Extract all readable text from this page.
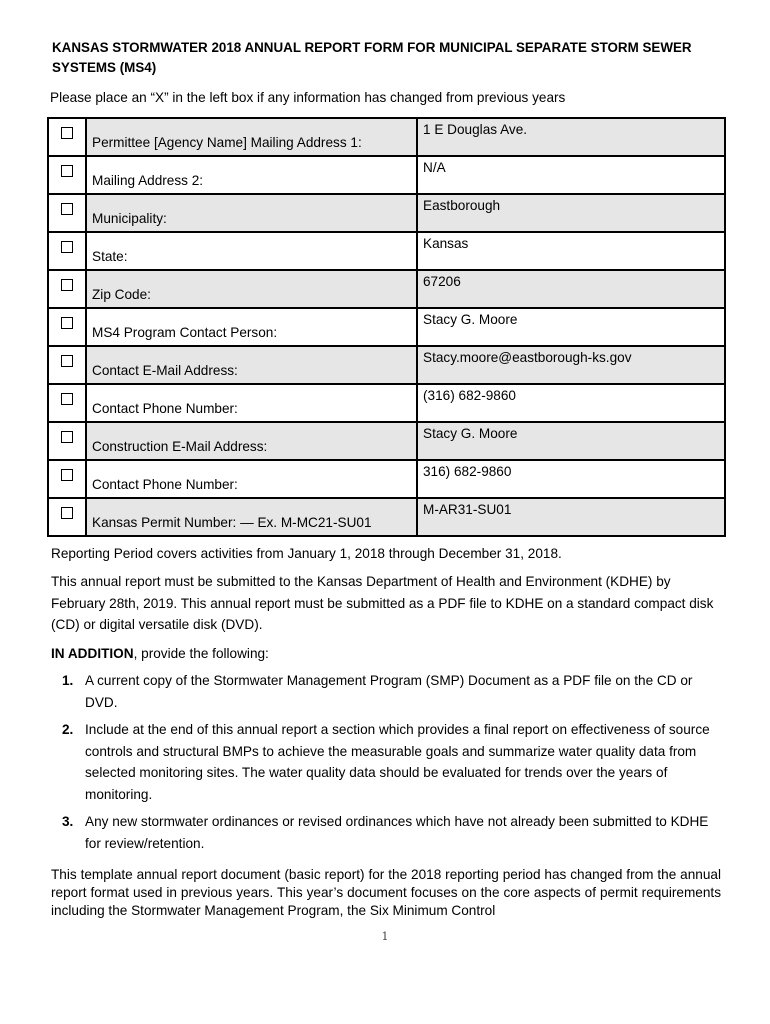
KANSAS STORMWATER 2018 ANNUAL REPORT FORM FOR MUNICIPAL SEPARATE STORM SEWER SYSTEMS (MS4)
Please place an “X” in the left box if any information has changed from previous years
	Permittee [Agency Name] Mailing Address 1:	1 E Douglas Ave.
	Mailing Address 2:	N/A
	Municipality:	Eastborough
	State:	Kansas
	Zip Code:	67206
	MS4 Program Contact Person:	Stacy G. Moore
	Contact E-Mail Address:	Stacy.moore@eastborough-ks.gov
	Contact Phone Number:	(316) 682-9860
	Construction E-Mail Address:	Stacy G. Moore
	Contact Phone Number:	316) 682-9860
	Kansas Permit Number: — Ex. M-MC21-SU01	M-AR31-SU01
Reporting Period covers activities from January 1, 2018 through December 31, 2018.
This annual report must be submitted to the Kansas Department of Health and Environment (KDHE) by February 28th, 2019. This annual report must be submitted as a PDF file to KDHE on a standard compact disk (CD) or digital versatile disk (DVD).
IN ADDITION, provide the following:
1. A current copy of the Stormwater Management Program (SMP) Document as a PDF file on the CD or DVD.
2. Include at the end of this annual report a section which provides a final report on effectiveness of source controls and structural BMPs to achieve the measurable goals and summarize water quality data from selected monitoring sites. The water quality data should be evaluated for trends over the years of monitoring.
3. Any new stormwater ordinances or revised ordinances which have not already been submitted to KDHE for review/retention.
This template annual report document (basic report) for the 2018 reporting period has changed from the annual report format used in previous years. This year’s document focuses on the core aspects of permit requirements including the Stormwater Management Program, the Six Minimum Control
1
